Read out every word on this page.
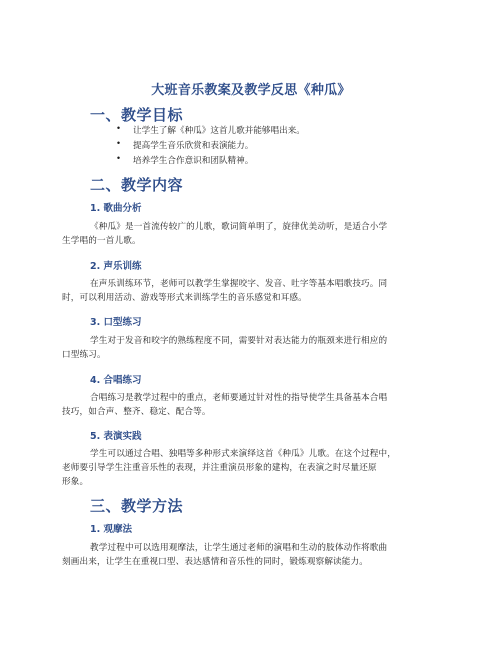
大班音乐教案及教学反思《种瓜》
一、教学目标
• 让学生了解《种瓜》这首儿歌并能够唱出来。
• 提高学生音乐欣赏和表演能力。
• 培养学生合作意识和团队精神。
二、教学内容
1. 歌曲分析
《种瓜》是一首流传较广的儿歌，歌词简单明了，旋律优美动听，是适合小学
生学唱的一首儿歌。
2. 声乐训练
在声乐训练环节，老师可以教学生掌握咬字、发音、吐字等基本唱歌技巧。同
时，可以利用活动、游戏等形式来训练学生的音乐感觉和耳感。
3. 口型练习
学生对于发音和咬字的熟练程度不同，需要针对表达能力的瓶颈来进行相应的
口型练习。
4. 合唱练习
合唱练习是教学过程中的重点，老师要通过针对性的指导使学生具备基本合唱
技巧，如合声、整齐、稳定、配合等。
5. 表演实践
学生可以通过合唱、独唱等多种形式来演绎这首《种瓜》儿歌。在这个过程中，
老师要引导学生注重音乐性的表现，并注重演员形象的建构，在表演之时尽量还原
形象。
三、教学方法
1. 观摩法
教学过程中可以选用观摩法，让学生通过老师的演唱和生动的肢体动作将歌曲
刻画出来，让学生在重视口型、表达感情和音乐性的同时，锻炼观察解读能力。
